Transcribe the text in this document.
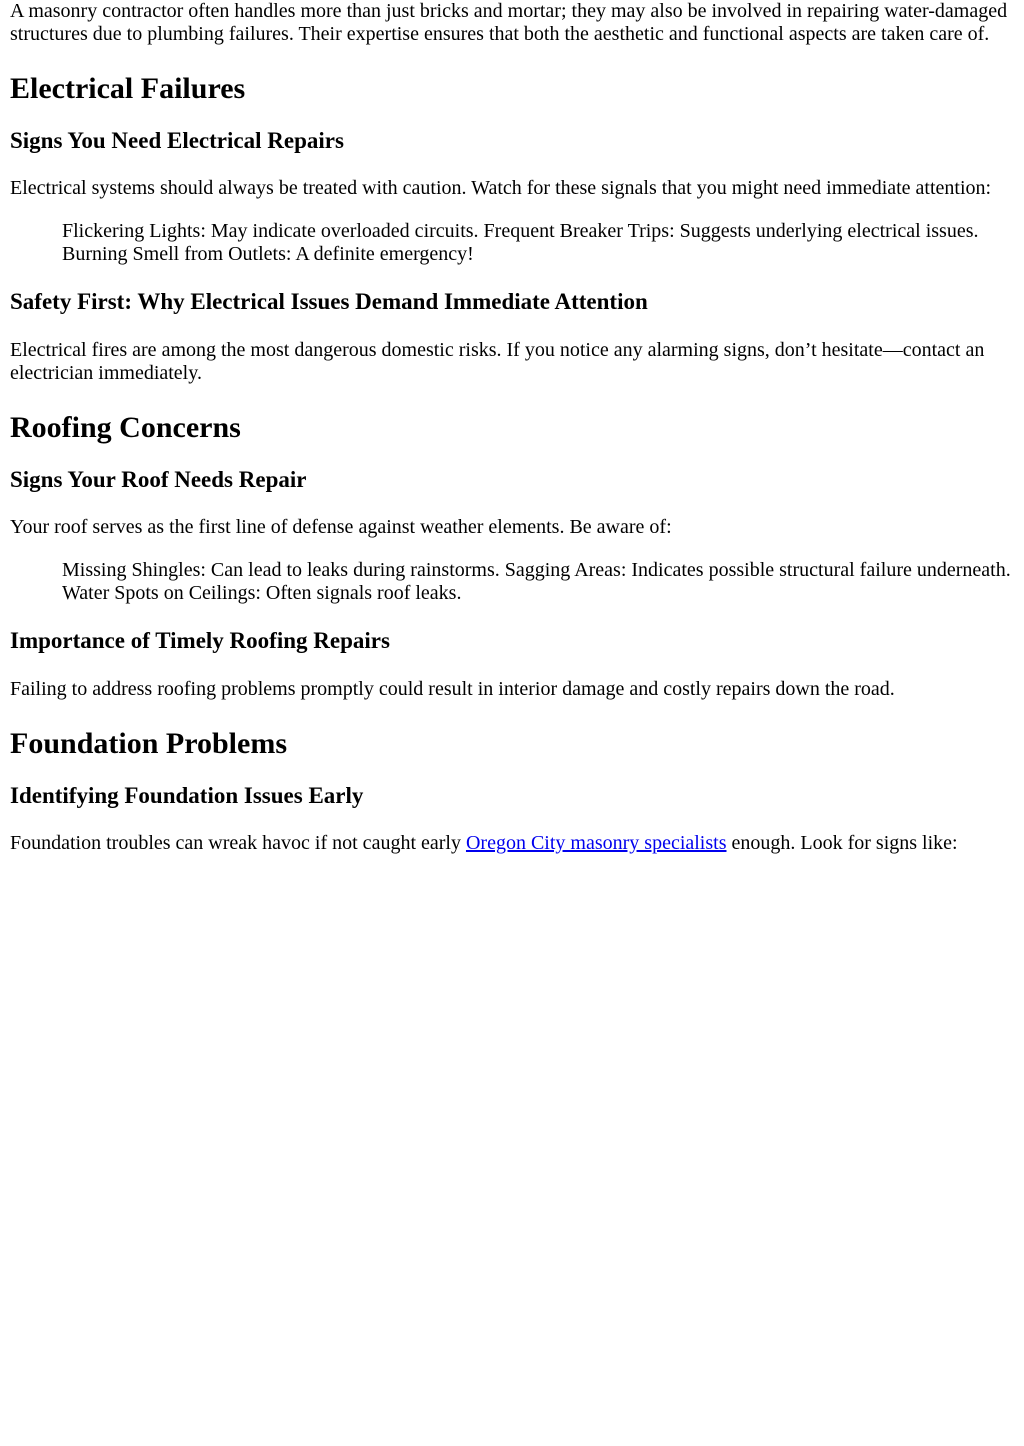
A masonry contractor often handles more than just bricks and mortar; they may also be involved in repairing water-damaged structures due to plumbing failures. Their expertise ensures that both the aesthetic and functional aspects are taken care of.

Electrical Failures
Signs You Need Electrical Repairs

Electrical systems should always be treated with caution. Watch for these signals that you might need immediate attention:

Flickering Lights: May indicate overloaded circuits. Frequent Breaker Trips: Suggests underlying electrical issues. Burning Smell from Outlets: A definite emergency!
Safety First: Why Electrical Issues Demand Immediate Attention

Electrical fires are among the most dangerous domestic risks. If you notice any alarming signs, don’t hesitate—contact an electrician immediately.

Roofing Concerns
Signs Your Roof Needs Repair

Your roof serves as the first line of defense against weather elements. Be aware of:

Missing Shingles: Can lead to leaks during rainstorms. Sagging Areas: Indicates possible structural failure underneath. Water Spots on Ceilings: Often signals roof leaks.
Importance of Timely Roofing Repairs

Failing to address roofing problems promptly could result in interior damage and costly repairs down the road.

Foundation Problems
Identifying Foundation Issues Early

Foundation troubles can wreak havoc if not caught early Oregon City masonry specialists enough. Look for signs like:
